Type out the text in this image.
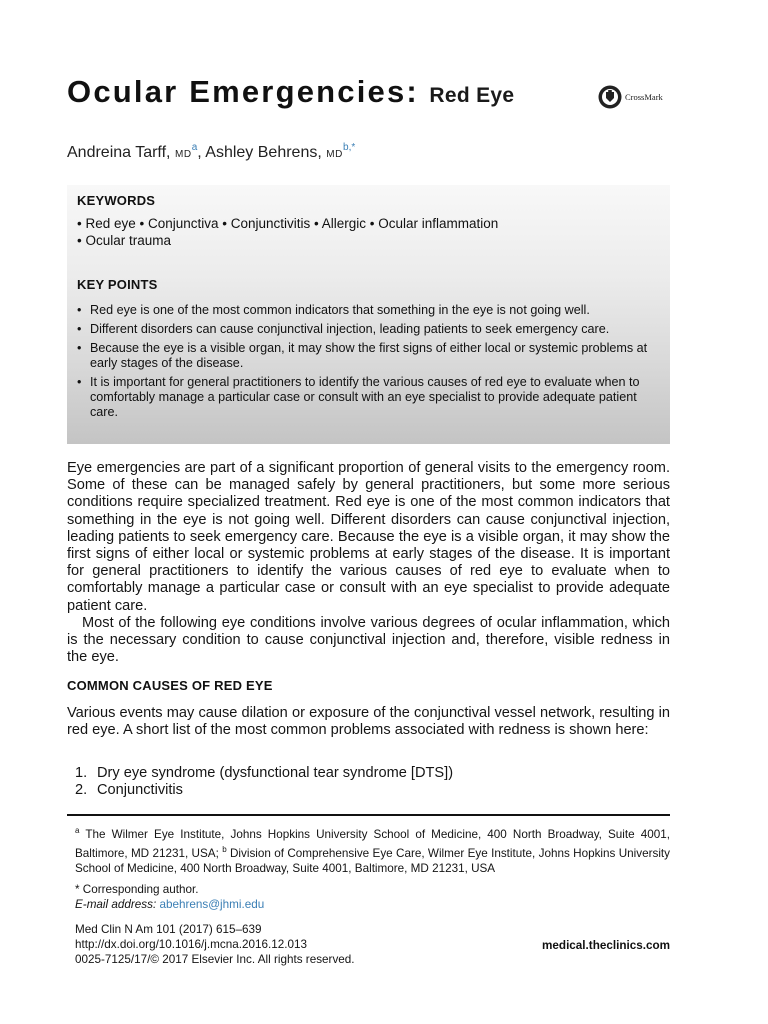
Ocular Emergencies: Red Eye	CrossMark
Andreina Tarff, MD$^a$, Ashley Behrens, MD$^{b,*}$
KEYWORDS
• Red eye • Conjunctiva • Conjunctivitis • Allergic • Ocular inflammation
• Ocular trauma
KEY POINTS
• Red eye is one of the most common indicators that something in the eye is not going well.
• Different disorders can cause conjunctival injection, leading patients to seek emergency care.
• Because the eye is a visible organ, it may show the first signs of either local or systemic problems at early stages of the disease.
• It is important for general practitioners to identify the various causes of red eye to evaluate when to comfortably manage a particular case or consult with an eye specialist to provide adequate patient care.

Eye emergencies are part of a significant proportion of general visits to the emergency room. Some of these can be managed safely by general practitioners, but some more serious conditions require specialized treatment. Red eye is one of the most common indicators that something in the eye is not going well. Different disorders can cause conjunctival injection, leading patients to seek emergency care. Because the eye is a visible organ, it may show the first signs of either local or systemic problems at early stages of the disease. It is important for general practitioners to identify the various causes of red eye to evaluate when to comfortably manage a particular case or consult with an eye specialist to provide adequate patient care.

Most of the following eye conditions involve various degrees of ocular inflammation, which is the necessary condition to cause conjunctival injection and, therefore, visible redness in the eye.

COMMON CAUSES OF RED EYE

Various events may cause dilation or exposure of the conjunctival vessel network, resulting in red eye. A short list of the most common problems associated with redness is shown here:

1. Dry eye syndrome (dysfunctional tear syndrome [DTS])
2. Conjunctivitis
$^a$ The Wilmer Eye Institute, Johns Hopkins University School of Medicine, 400 North Broadway, Suite 4001, Baltimore, MD 21231, USA; $^b$ Division of Comprehensive Eye Care, Wilmer Eye Institute, Johns Hopkins University School of Medicine, 400 North Broadway, Suite 4001, Baltimore, MD 21231, USA
* Corresponding author.
E-mail address: abehrens@jhmi.edu
Med Clin N Am 101 (2017) 615–639
http://dx.doi.org/10.1016/j.mcna.2016.12.013
0025-7125/17/© 2017 Elsevier Inc. All rights reserved.
medical.theclinics.com
